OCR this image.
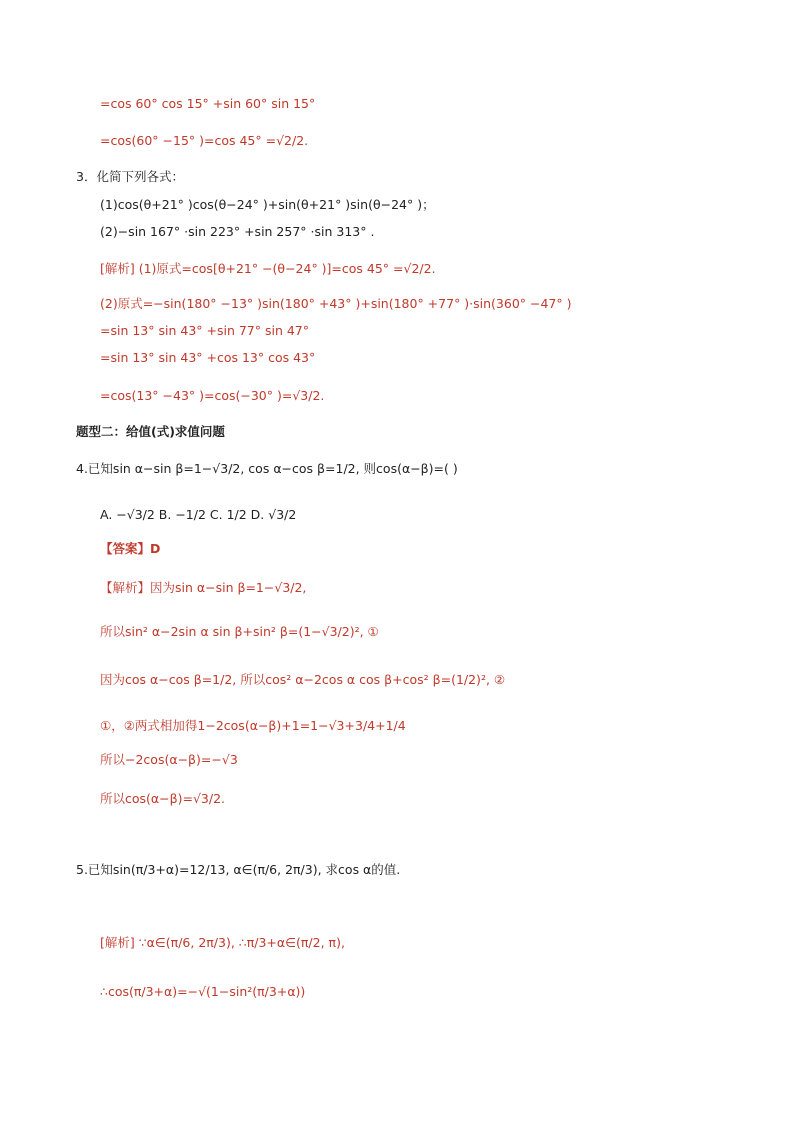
=cos 60° cos 15° +sin 60° sin 15°
=cos(60° −15° )=cos 45° =√2/2.
3．化简下列各式：
(1)cos(θ+21° )cos(θ−24° )+sin(θ+21° )sin(θ−24° )；
(2)−sin 167° ·sin 223° +sin 257° ·sin 313° .
[解析] (1)原式=cos[θ+21° −(θ−24° )]=cos 45° =√2/2.
(2)原式=−sin(180° −13° )sin(180° +43° )+sin(180° +77° )·sin(360° −47° )
=sin 13° sin 43° +sin 77° sin 47°
=sin 13° sin 43° +cos 13° cos 43°
=cos(13° −43° )=cos(−30° )=√3/2.
题型二：给值(式)求值问题
4.已知sin α−sin β=1−√3/2, cos α−cos β=1/2, 则cos(α−β)=( )
A. −√3/2 B. −1/2 C. 1/2 D. √3/2
【答案】D
【解析】因为sin α−sin β=1−√3/2,
所以sin² α−2sin α sin β+sin² β=(1−√3/2)², ①
因为cos α−cos β=1/2, 所以cos² α−2cos α cos β+cos² β=(1/2)², ②
①，②两式相加得1−2cos(α−β)+1=1−√3+3/4+1/4
所以−2cos(α−β)=−√3
所以cos(α−β)=√3/2.
5.已知sin(π/3+α)=12/13, α∈(π/6, 2π/3), 求cos α的值.
[解析] ∵α∈(π/6, 2π/3), ∴π/3+α∈(π/2, π),
∴cos(π/3+α)=−√(1−sin²(π/3+α))
